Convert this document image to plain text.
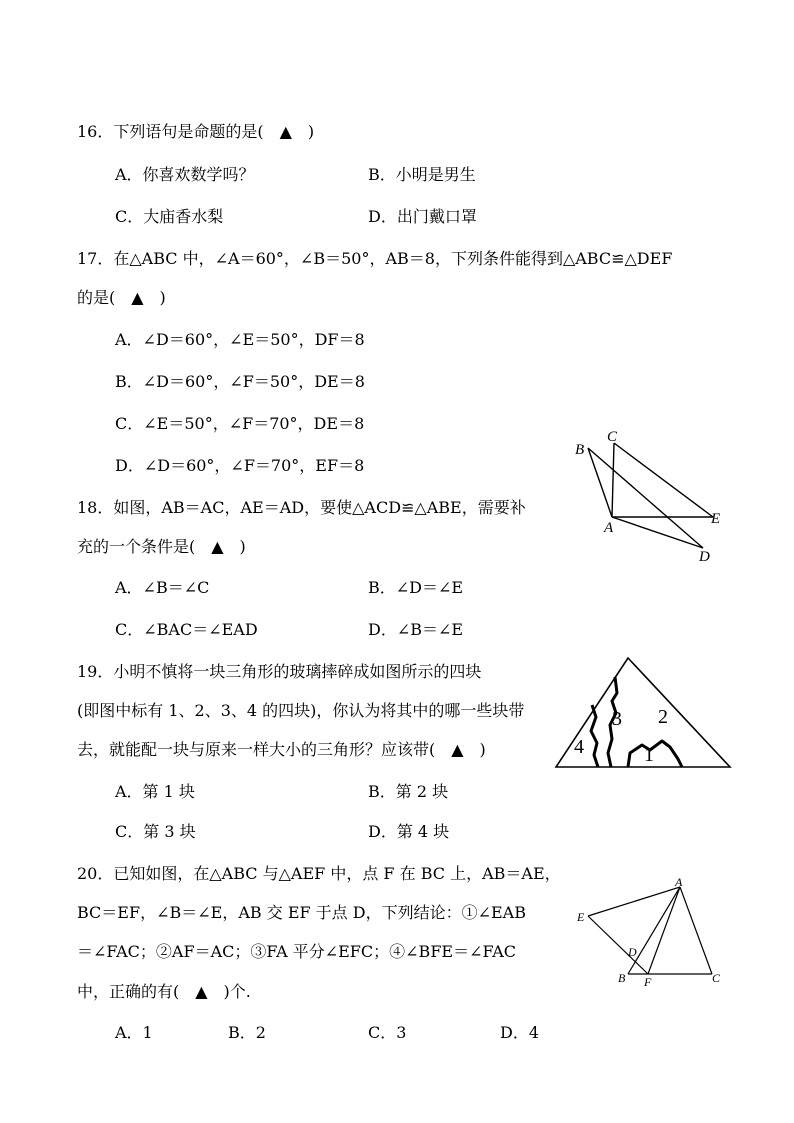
16．下列语句是命题的是(　▲　)
A．你喜欢数学吗？	B．小明是男生
C．大庙香水梨	D．出门戴口罩
17．在△ABC 中，∠A＝60°，∠B＝50°，AB＝8，下列条件能得到△ABC≌△DEF
的是(　▲　)
A．∠D＝60°，∠E＝50°，DF＝8
B．∠D＝60°，∠F＝50°，DE＝8
C．∠E＝50°，∠F＝70°，DE＝8
D．∠D＝60°，∠F＝70°，EF＝8
B
C
A
E
D
18．如图，AB＝AC，AE＝AD，要使△ACD≌△ABE，需要补
充的一个条件是(　▲　)
A．∠B＝∠C	B．∠D＝∠E
C．∠BAC＝∠EAD	D．∠B＝∠E
3 2
4	1
19．小明不慎将一块三角形的玻璃摔碎成如图所示的四块
(即图中标有 1、2、3、4 的四块)，你认为将其中的哪一些块带
去，就能配一块与原来一样大小的三角形？应该带(　▲　)
A．第 1 块	B．第 2 块
C．第 3 块	D．第 4 块
A
E
D
B F	C
20．已知如图，在△ABC 与△AEF 中，点 F 在 BC 上，AB＝AE，
BC＝EF，∠B＝∠E，AB 交 EF 于点 D，下列结论：①∠EAB
＝∠FAC；②AF＝AC；③FA 平分∠EFC；④∠BFE＝∠FAC
中，正确的有(　▲　)个.
A．1	B．2	C．3	D．4
